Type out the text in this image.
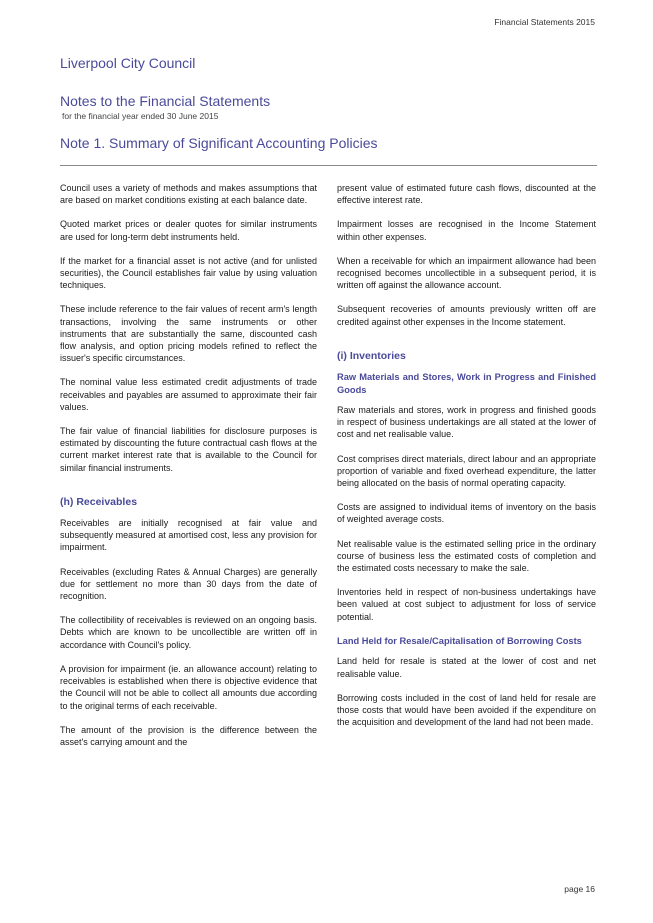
Financial Statements 2015
Liverpool City Council
Notes to the Financial Statements
for the financial year ended 30 June 2015
Note 1. Summary of Significant Accounting Policies

Council uses a variety of methods and makes assumptions that are based on market conditions existing at each balance date.

Quoted market prices or dealer quotes for similar instruments are used for long-term debt instruments held.

If the market for a financial asset is not active (and for unlisted securities), the Council establishes fair value by using valuation techniques.

These include reference to the fair values of recent arm's length transactions, involving the same instruments or other instruments that are substantially the same, discounted cash flow analysis, and option pricing models refined to reflect the issuer's specific circumstances.

The nominal value less estimated credit adjustments of trade receivables and payables are assumed to approximate their fair values.

The fair value of financial liabilities for disclosure purposes is estimated by discounting the future contractual cash flows at the current market interest rate that is available to the Council for similar financial instruments.

(h) Receivables

Receivables are initially recognised at fair value and subsequently measured at amortised cost, less any provision for impairment.

Receivables (excluding Rates & Annual Charges) are generally due for settlement no more than 30 days from the date of recognition.

The collectibility of receivables is reviewed on an ongoing basis. Debts which are known to be uncollectible are written off in accordance with Council's policy.

A provision for impairment (ie. an allowance account) relating to receivables is established when there is objective evidence that the Council will not be able to collect all amounts due according to the original terms of each receivable.

The amount of the provision is the difference between the asset's carrying amount and the

present value of estimated future cash flows, discounted at the effective interest rate.

Impairment losses are recognised in the Income Statement within other expenses.

When a receivable for which an impairment allowance had been recognised becomes uncollectible in a subsequent period, it is written off against the allowance account.

Subsequent recoveries of amounts previously written off are credited against other expenses in the Income statement.

(i) Inventories
Raw Materials and Stores, Work in Progress and Finished Goods

Raw materials and stores, work in progress and finished goods in respect of business undertakings are all stated at the lower of cost and net realisable value.

Cost comprises direct materials, direct labour and an appropriate proportion of variable and fixed overhead expenditure, the latter being allocated on the basis of normal operating capacity.

Costs are assigned to individual items of inventory on the basis of weighted average costs.

Net realisable value is the estimated selling price in the ordinary course of business less the estimated costs of completion and the estimated costs necessary to make the sale.

Inventories held in respect of non-business undertakings have been valued at cost subject to adjustment for loss of service potential.

Land Held for Resale/Capitalisation of Borrowing Costs

Land held for resale is stated at the lower of cost and net realisable value.

Borrowing costs included in the cost of land held for resale are those costs that would have been avoided if the expenditure on the acquisition and development of the land had not been made.

page 16
